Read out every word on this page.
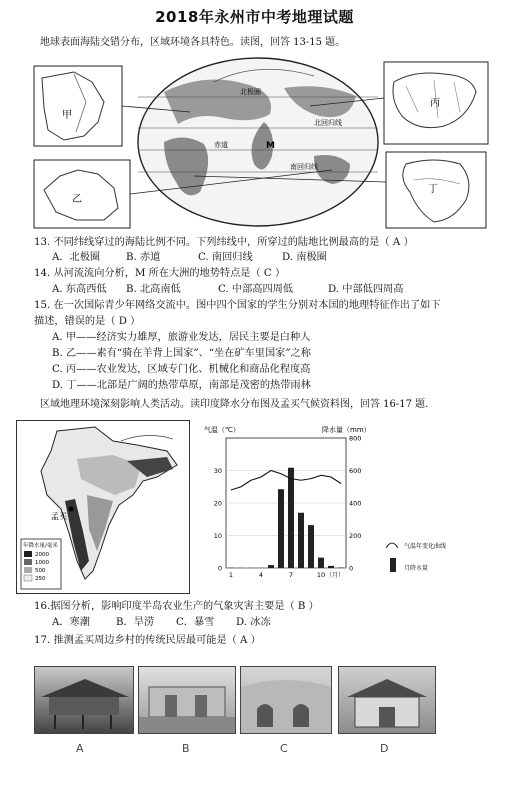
2018年永州市中考地理试题
地球表面海陆交错分布，区域环境各具特色。读图，回答 13-15 题。
甲
乙
丙
丁
M
北极圈
北回归线
赤道
南回归线
13. 不同纬线穿过的海陆比例不同。下列纬线中，所穿过的陆地比例最高的是（ A ）
A．北极圈	B. 赤道	C. 南回归线	D. 南极圈
14. 从河流流向分析，M 所在大洲的地势特点是（ C ）
A. 东高西低 B. 北高南低	C. 中部高四周低	D. 中部低四周高
15. 在一次国际青少年网络交流中。图中四个国家的学生分别对本国的地理特征作出了如下
描述，错误的是（ D ）
A. 甲——经济实力雄厚，旅游业发达，居民主要是白种人
B. 乙——素有“骑在羊背上国家”、“坐在矿车里国家”之称
C. 丙——农业发达，区域专门化、机械化和商品化程度高
D. 丁——北部是广阔的热带草原，南部是茂密的热带雨林
区域地理环境深刻影响人类活动。读印度降水分布图及孟买气候资料图，回答 16-17 题.
孟买
年降水量/毫米
2000
1000
500
250
气温（℃）	降水量（mm）
0
10
20
30
0
200
400
600
800
1	4	7	10 （月）
气温年变化曲线
月降水量
16.据图分析，影响印度半岛农业生产的气象灾害主要是（ B ）
A．寒潮	B．旱涝 C．暴雪 D. 冰冻
17. 推测孟买周边乡村的传统民居最可能是（ A ）
A	B	C	D
